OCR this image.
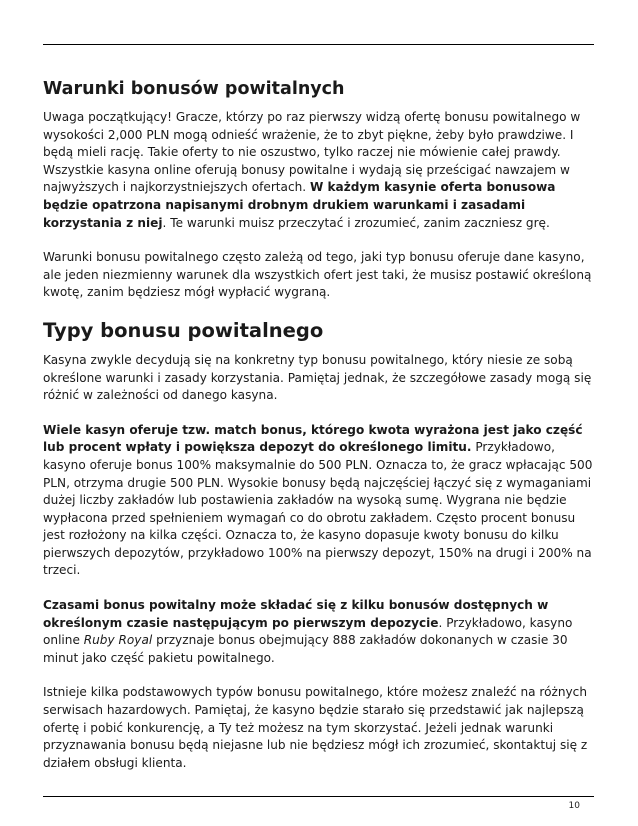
Warunki bonusów powitalnych

Uwaga początkujący! Gracze, którzy po raz pierwszy widzą ofertę bonusu powitalnego w wysokości 2,000 PLN mogą odnieść wrażenie, że to zbyt piękne, żeby było prawdziwe. I będą mieli rację. Takie oferty to nie oszustwo, tylko raczej nie mówienie całej prawdy. Wszystkie kasyna online oferują bonusy powitalne i wydają się prześcigać nawzajem w najwyższych i najkorzystniejszych ofertach. W każdym kasynie oferta bonusowa będzie opatrzona napisanymi drobnym drukiem warunkami i zasadami korzystania z niej. Te warunki muisz przeczytać i zrozumieć, zanim zaczniesz grę.

Warunki bonusu powitalnego często zależą od tego, jaki typ bonusu oferuje dane kasyno, ale jeden niezmienny warunek dla wszystkich ofert jest taki, że musisz postawić określoną kwotę, zanim będziesz mógł wypłacić wygraną.

Typy bonusu powitalnego

Kasyna zwykle decydują się na konkretny typ bonusu powitalnego, który niesie ze sobą określone warunki i zasady korzystania. Pamiętaj jednak, że szczegółowe zasady mogą się różnić w zależności od danego kasyna.

Wiele kasyn oferuje tzw. match bonus, którego kwota wyrażona jest jako część lub procent wpłaty i powiększa depozyt do określonego limitu. Przykładowo, kasyno oferuje bonus 100% maksymalnie do 500 PLN. Oznacza to, że gracz wpłacając 500 PLN, otrzyma drugie 500 PLN. Wysokie bonusy będą najczęściej łączyć się z wymaganiami dużej liczby zakładów lub postawienia zakładów na wysoką sumę. Wygrana nie będzie wypłacona przed spełnieniem wymagań co do obrotu zakładem. Często procent bonusu jest rozłożony na kilka części. Oznacza to, że kasyno dopasuje kwoty bonusu do kilku pierwszych depozytów, przykładowo 100% na pierwszy depozyt, 150% na drugi i 200% na trzeci.

Czasami bonus powitalny może składać się z kilku bonusów dostępnych w określonym czasie następującym po pierwszym depozycie. Przykładowo, kasyno online Ruby Royal przyznaje bonus obejmujący 888 zakładów dokonanych w czasie 30 minut jako część pakietu powitalnego.

Istnieje kilka podstawowych typów bonusu powitalnego, które możesz znaleźć na różnych serwisach hazardowych. Pamiętaj, że kasyno będzie starało się przedstawić jak najlepszą ofertę i pobić konkurencję, a Ty też możesz na tym skorzystać. Jeżeli jednak warunki przyznawania bonusu będą niejasne lub nie będziesz mógł ich zrozumieć, skontaktuj się z działem obsługi klienta.

10
